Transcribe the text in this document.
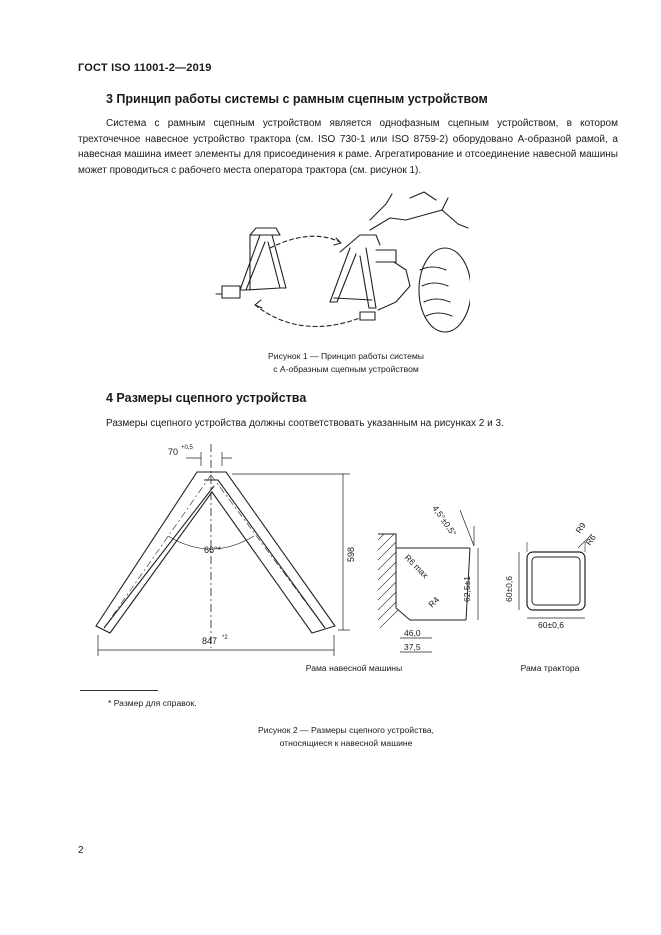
ГОСТ ISO 11001-2—2019
3 Принцип работы системы с рамным сцепным устройством

Система с рамным сцепным устройством является однофазным сцепным устройством, в котором трехточечное навесное устройство трактора (см. ISO 730-1 или ISO 8759-2) оборудовано А-образной рамой, а навесная машина имеет элементы для присоединения к раме. Агрегатирование и отсоединение навесной машины может проводиться с рабочего места оператора трактора (см. рисунок 1).

Рисунок 1 — Принцип работы системы
с А-образным сцепным устройством
4 Размеры сцепного устройства
Размеры сцепного устройства должны соответствовать указанным на рисунках 2 и 3.
70 +0,5
66°*	598
847 *2
4,5°±0,5°
R6 max
R4
62,5±1
46,0
37,5
60±0,6
60±0,6
R9
R6
Рама навесной машины	Рама трактора
* Размер для справок.
Рисунок 2 — Размеры сцепного устройства,
относящиеся к навесной машине
2
